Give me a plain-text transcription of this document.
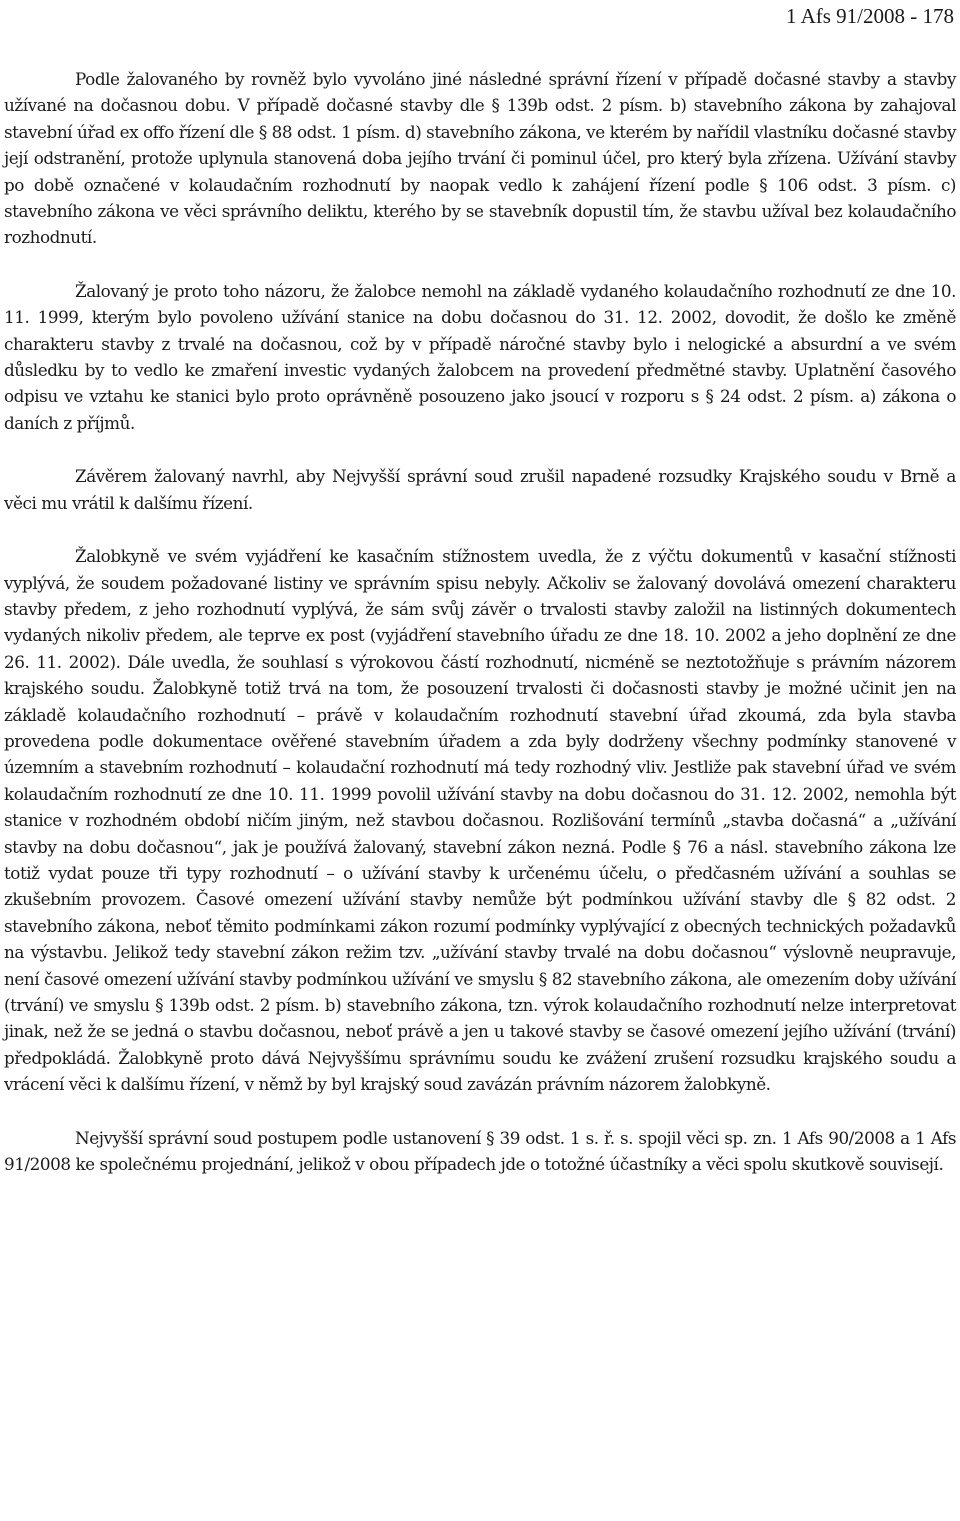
1 Afs 91/2008 - 178

Podle žalovaného by rovněž bylo vyvoláno jiné následné správní řízení v případě dočasné stavby a stavby užívané na dočasnou dobu. V případě dočasné stavby dle § 139b odst. 2 písm. b) stavebního zákona by zahajoval stavební úřad ex offo řízení dle § 88 odst. 1 písm. d) stavebního zákona, ve kterém by nařídil vlastníku dočasné stavby její odstranění, protože uplynula stanovená doba jejího trvání či pominul účel, pro který byla zřízena. Užívání stavby po době označené v kolaudačním rozhodnutí by naopak vedlo k zahájení řízení podle § 106 odst. 3 písm. c) stavebního zákona ve věci správního deliktu, kterého by se stavebník dopustil tím, že stavbu užíval bez kolaudačního rozhodnutí.

Žalovaný je proto toho názoru, že žalobce nemohl na základě vydaného kolaudačního rozhodnutí ze dne 10. 11. 1999, kterým bylo povoleno užívání stanice na dobu dočasnou do 31. 12. 2002, dovodit, že došlo ke změně charakteru stavby z trvalé na dočasnou, což by v případě náročné stavby bylo i nelogické a absurdní a ve svém důsledku by to vedlo ke zmaření investic vydaných žalobcem na provedení předmětné stavby. Uplatnění časového odpisu ve vztahu ke stanici bylo proto oprávněně posouzeno jako jsoucí v rozporu s § 24 odst. 2 písm. a) zákona o daních z příjmů.

Závěrem žalovaný navrhl, aby Nejvyšší správní soud zrušil napadené rozsudky Krajského soudu v Brně a věci mu vrátil k dalšímu řízení.

Žalobkyně ve svém vyjádření ke kasačním stížnostem uvedla, že z výčtu dokumentů v kasační stížnosti vyplývá, že soudem požadované listiny ve správním spisu nebyly. Ačkoliv se žalovaný dovolává omezení charakteru stavby předem, z jeho rozhodnutí vyplývá, že sám svůj závěr o trvalosti stavby založil na listinných dokumentech vydaných nikoliv předem, ale teprve ex post (vyjádření stavebního úřadu ze dne 18. 10. 2002 a jeho doplnění ze dne 26. 11. 2002). Dále uvedla, že souhlasí s výrokovou částí rozhodnutí, nicméně se neztotožňuje s právním názorem krajského soudu. Žalobkyně totiž trvá na tom, že posouzení trvalosti či dočasnosti stavby je možné učinit jen na základě kolaudačního rozhodnutí – právě v kolaudačním rozhodnutí stavební úřad zkoumá, zda byla stavba provedena podle dokumentace ověřené stavebním úřadem a zda byly dodrženy všechny podmínky stanovené v územním a stavebním rozhodnutí – kolaudační rozhodnutí má tedy rozhodný vliv. Jestliže pak stavební úřad ve svém kolaudačním rozhodnutí ze dne 10. 11. 1999 povolil užívání stavby na dobu dočasnou do 31. 12. 2002, nemohla být stanice v rozhodném období ničím jiným, než stavbou dočasnou. Rozlišování termínů „stavba dočasná“ a „užívání stavby na dobu dočasnou“, jak je používá žalovaný, stavební zákon nezná. Podle § 76 a násl. stavebního zákona lze totiž vydat pouze tři typy rozhodnutí – o užívání stavby k určenému účelu, o předčasném užívání a souhlas se zkušebním provozem. Časové omezení užívání stavby nemůže být podmínkou užívání stavby dle § 82 odst. 2 stavebního zákona, neboť těmito podmínkami zákon rozumí podmínky vyplývající z obecných technických požadavků na výstavbu. Jelikož tedy stavební zákon režim tzv. „užívání stavby trvalé na dobu dočasnou“ výslovně neupravuje, není časové omezení užívání stavby podmínkou užívání ve smyslu § 82 stavebního zákona, ale omezením doby užívání (trvání) ve smyslu § 139b odst. 2 písm. b) stavebního zákona, tzn. výrok kolaudačního rozhodnutí nelze interpretovat jinak, než že se jedná o stavbu dočasnou, neboť právě a jen u takové stavby se časové omezení jejího užívání (trvání) předpokládá. Žalobkyně proto dává Nejvyššímu správnímu soudu ke zvážení zrušení rozsudku krajského soudu a vrácení věci k dalšímu řízení, v němž by byl krajský soud zavázán právním názorem žalobkyně.

Nejvyšší správní soud postupem podle ustanovení § 39 odst. 1 s. ř. s. spojil věci sp. zn. 1 Afs 90/2008 a 1 Afs 91/2008 ke společnému projednání, jelikož v obou případech jde o totožné účastníky a věci spolu skutkově souvisejí.
